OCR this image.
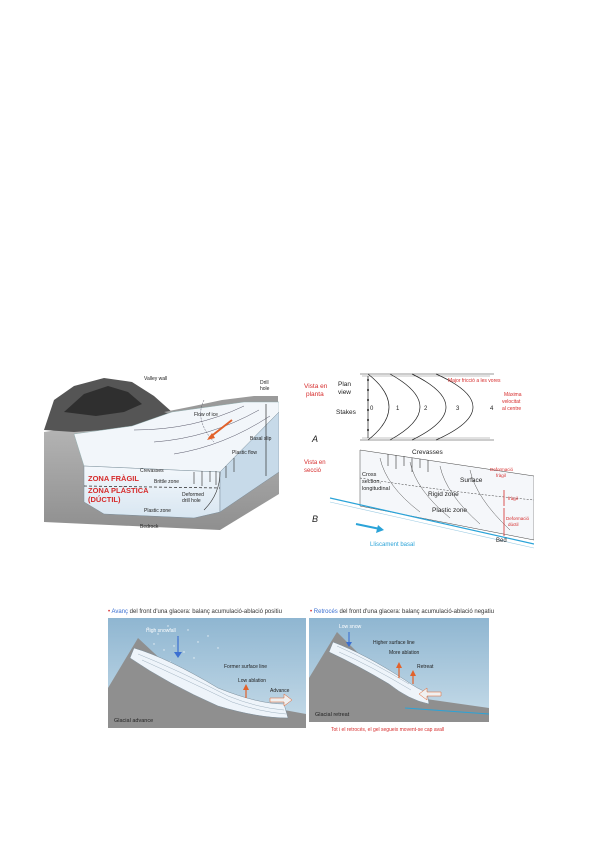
Valley wall
Drill
hole
Flow of ice
Basal slip
Plastic flow
Crevasses
Brittle zone
ZONA FRÀGIL
ZONA PLÀSTICA
(DÚCTIL)	Deformed
drill hole
Plastic zone
Bedrock
Vista en
planta
Plan
view
Stakes 0	1	2	3	4
Major fricció a les vores
Màxima
velocitat
al centre
A
Vista en
secció
Crevasses
Surface
Cross
section,
longitudinal
Rigid zone
Plastic zone
Deformació
fràgil
fràgil
Deformació
dúctil
Bed
Lliscament basal
B
• Avanç del front d'una glacera: balanç acumulació-ablació positiu	• Retrocés del front d'una glacera: balanç acumulació-ablació negatiu
High snowfall
Former surface line
Low ablation
Advance
Glacial advance
Low snow
Higher surface line
More ablation
Retreat
Glacial retreat
Tot i el retrocés, el gel segueix movent-se cap avall
